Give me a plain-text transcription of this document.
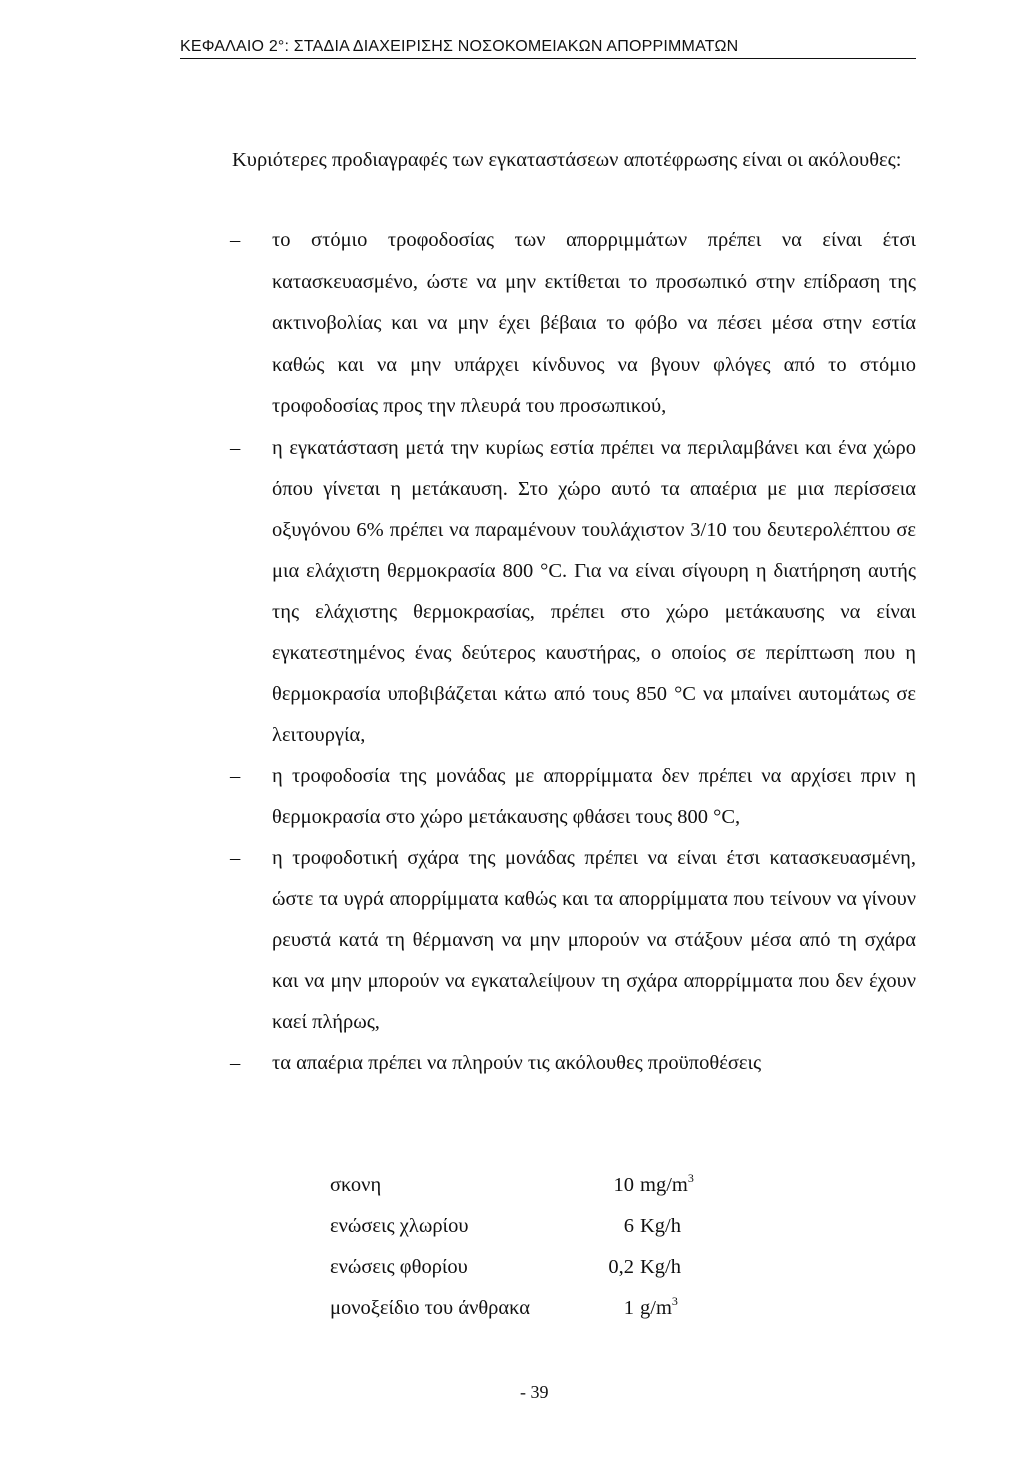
ΚΕΦΑΛΑΙΟ 2°: ΣΤΑΔΙΑ ΔΙΑΧΕΙΡΙΣΗΣ ΝΟΣΟΚΟΜΕΙΑΚΩΝ ΑΠΟΡΡΙΜΜΑΤΩΝ
Κυριότερες προδιαγραφές των εγκαταστάσεων αποτέφρωσης είναι οι ακόλουθες:
– το στόμιο τροφοδοσίας των απορριμμάτων πρέπει να είναι έτσι κατασκευασμένο, ώστε να μην εκτίθεται το προσωπικό στην επίδραση της ακτινοβολίας και να μην έχει βέβαια το φόβο να πέσει μέσα στην εστία καθώς και να μην υπάρχει κίνδυνος να βγουν φλόγες από το στόμιο τροφοδοσίας προς την πλευρά του προσωπικού,
– η εγκατάσταση μετά την κυρίως εστία πρέπει να περιλαμβάνει και ένα χώρο όπου γίνεται η μετάκαυση. Στο χώρο αυτό τα απαέρια με μια περίσσεια οξυγόνου 6% πρέπει να παραμένουν τουλάχιστον 3/10 του δευτερολέπτου σε μια ελάχιστη θερμοκρασία 800 °C. Για να είναι σίγουρη η διατήρηση αυτής της ελάχιστης θερμοκρασίας, πρέπει στο χώρο μετάκαυσης να είναι εγκατεστημένος ένας δεύτερος καυστήρας, ο οποίος σε περίπτωση που η θερμοκρασία υποβιβάζεται κάτω από τους 850 °C να μπαίνει αυτομάτως σε λειτουργία,
– η τροφοδοσία της μονάδας με απορρίμματα δεν πρέπει να αρχίσει πριν η θερμοκρασία στο χώρο μετάκαυσης φθάσει τους 800 °C,
– η τροφοδοτική σχάρα της μονάδας πρέπει να είναι έτσι κατασκευασμένη, ώστε τα υγρά απορρίμματα καθώς και τα απορρίμματα που τείνουν να γίνουν ρευστά κατά τη θέρμανση να μην μπορούν να στάξουν μέσα από τη σχάρα και να μην μπορούν να εγκαταλείψουν τη σχάρα απορρίμματα που δεν έχουν καεί πλήρως,
– τα απαέρια πρέπει να πληρούν τις ακόλουθες προϋποθέσεις
σκονη	10 $mg/m^3$
ενώσεις χλωρίου	6 Kg/h
ενώσεις φθορίου	0,2 Kg/h
μονοξείδιο του άνθρακα	1 $g/m^3$
- 39
